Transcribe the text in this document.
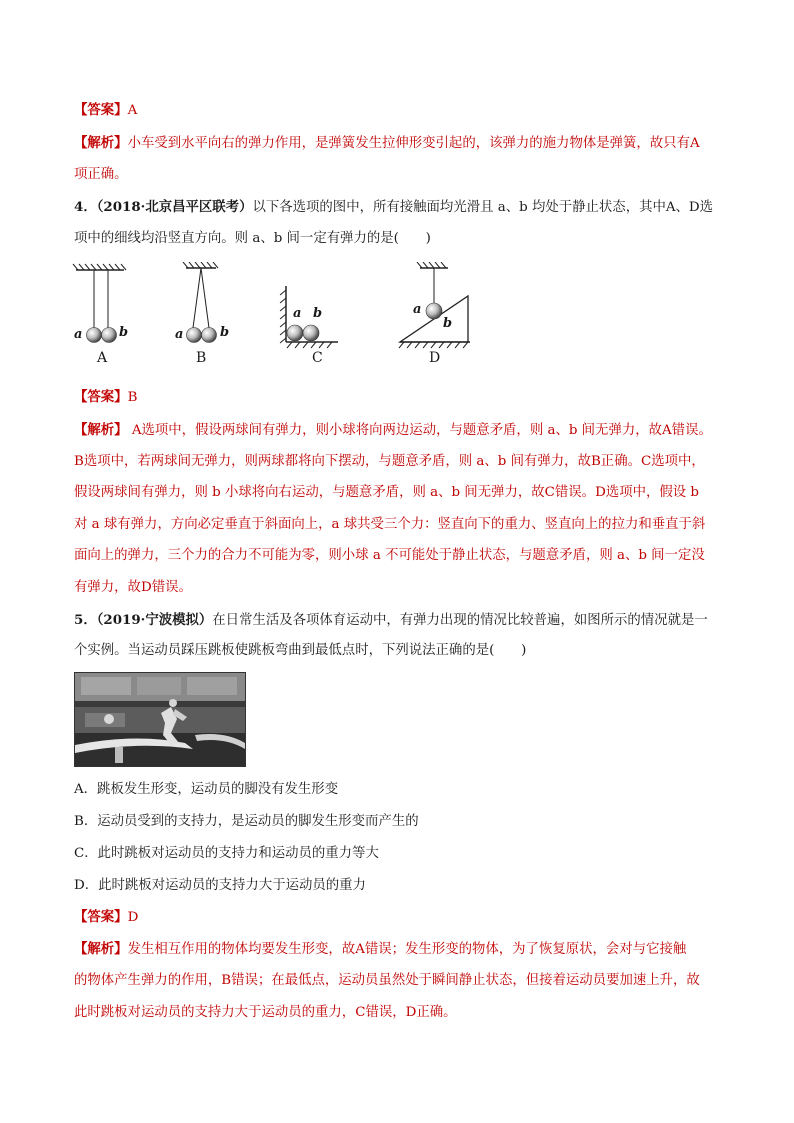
【答案】A
【解析】小车受到水平向右的弹力作用，是弹簧发生拉伸形变引起的，该弹力的施力物体是弹簧，故只有A
项正确。
4．（2018·北京昌平区联考）以下各选项的图中，所有接触面均光滑且 a、b 均处于静止状态，其中A、D选
项中的细线均沿竖直方向。则 a、b 间一定有弹力的是(　　)
a	b	a	b
a b	a
b
A	B	C	D
【答案】B
【解析】 A选项中，假设两球间有弹力，则小球将向两边运动，与题意矛盾，则 a、b 间无弹力，故A错误。
B选项中，若两球间无弹力，则两球都将向下摆动，与题意矛盾，则 a、b 间有弹力，故B正确。C选项中，
假设两球间有弹力，则 b 小球将向右运动，与题意矛盾，则 a、b 间无弹力，故C错误。D选项中，假设 b
对 a 球有弹力，方向必定垂直于斜面向上，a 球共受三个力：竖直向下的重力、竖直向上的拉力和垂直于斜
面向上的弹力，三个力的合力不可能为零，则小球 a 不可能处于静止状态，与题意矛盾，则 a、b 间一定没
有弹力，故D错误。
5．（2019·宁波模拟）在日常生活及各项体育运动中，有弹力出现的情况比较普遍，如图所示的情况就是一
个实例。当运动员踩压跳板使跳板弯曲到最低点时，下列说法正确的是(　　)
A．跳板发生形变，运动员的脚没有发生形变
B．运动员受到的支持力，是运动员的脚发生形变而产生的
C．此时跳板对运动员的支持力和运动员的重力等大
D．此时跳板对运动员的支持力大于运动员的重力
【答案】D
【解析】发生相互作用的物体均要发生形变，故A错误；发生形变的物体，为了恢复原状，会对与它接触
的物体产生弹力的作用，B错误；在最低点，运动员虽然处于瞬间静止状态，但接着运动员要加速上升，故
此时跳板对运动员的支持力大于运动员的重力，C错误，D正确。
